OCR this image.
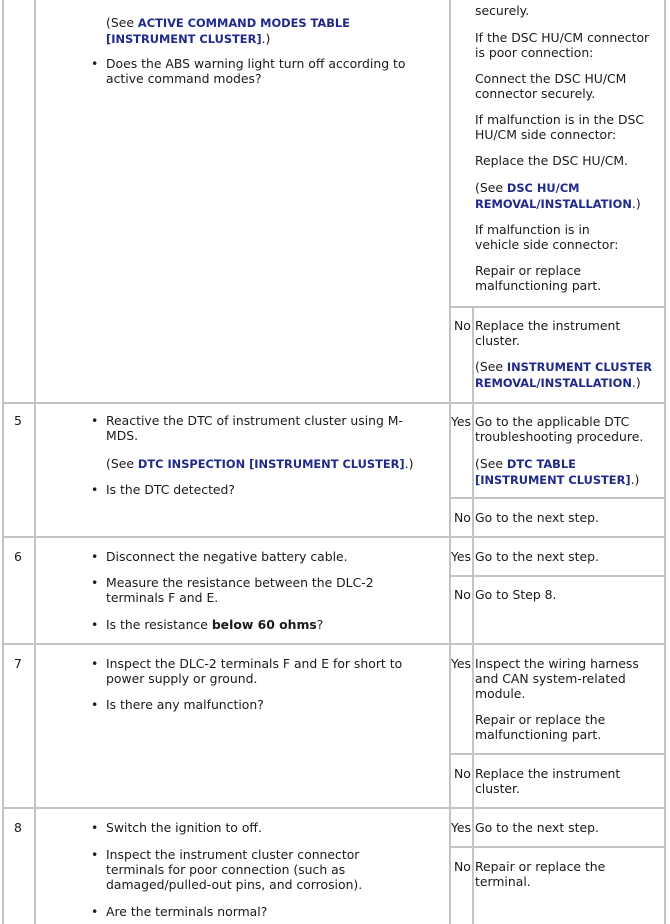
(See ACTIVE COMMAND MODES TABLE [INSTRUMENT CLUSTER].)
• Does the ABS warning light turn off according to active command modes?
securely.
If the DSC HU/CM connector is poor connection:
Connect the DSC HU/CM connector securely.
If malfunction is in the DSC HU/CM side connector:
Replace the DSC HU/CM.
(See DSC HU/CM REMOVAL/INSTALLATION.)
If malfunction is in vehicle side connector:
Repair or replace malfunctioning part.
No Replace the instrument cluster.
(See INSTRUMENT CLUSTER REMOVAL/INSTALLATION.)
5	• Reactive the DTC of instrument cluster using M-MDS.
(See DTC INSPECTION [INSTRUMENT CLUSTER].)
• Is the DTC detected?
Yes Go to the applicable DTC troubleshooting procedure.
(See DTC TABLE [INSTRUMENT CLUSTER].)
No Go to the next step.
6	• Disconnect the negative battery cable.
• Measure the resistance between the DLC-2 terminals F and E.
• Is the resistance below 60 ohms?
Yes Go to the next step.
No Go to Step 8.
7	• Inspect the DLC-2 terminals F and E for short to power supply or ground.
• Is there any malfunction?
Yes Inspect the wiring harness and CAN system-related module.
Repair or replace the malfunctioning part.
No Replace the instrument cluster.
8	• Switch the ignition to off.
• Inspect the instrument cluster connector terminals for poor connection (such as damaged/pulled-out pins, and corrosion).
• Are the terminals normal?
Yes Go to the next step.
No Repair or replace the terminal.
